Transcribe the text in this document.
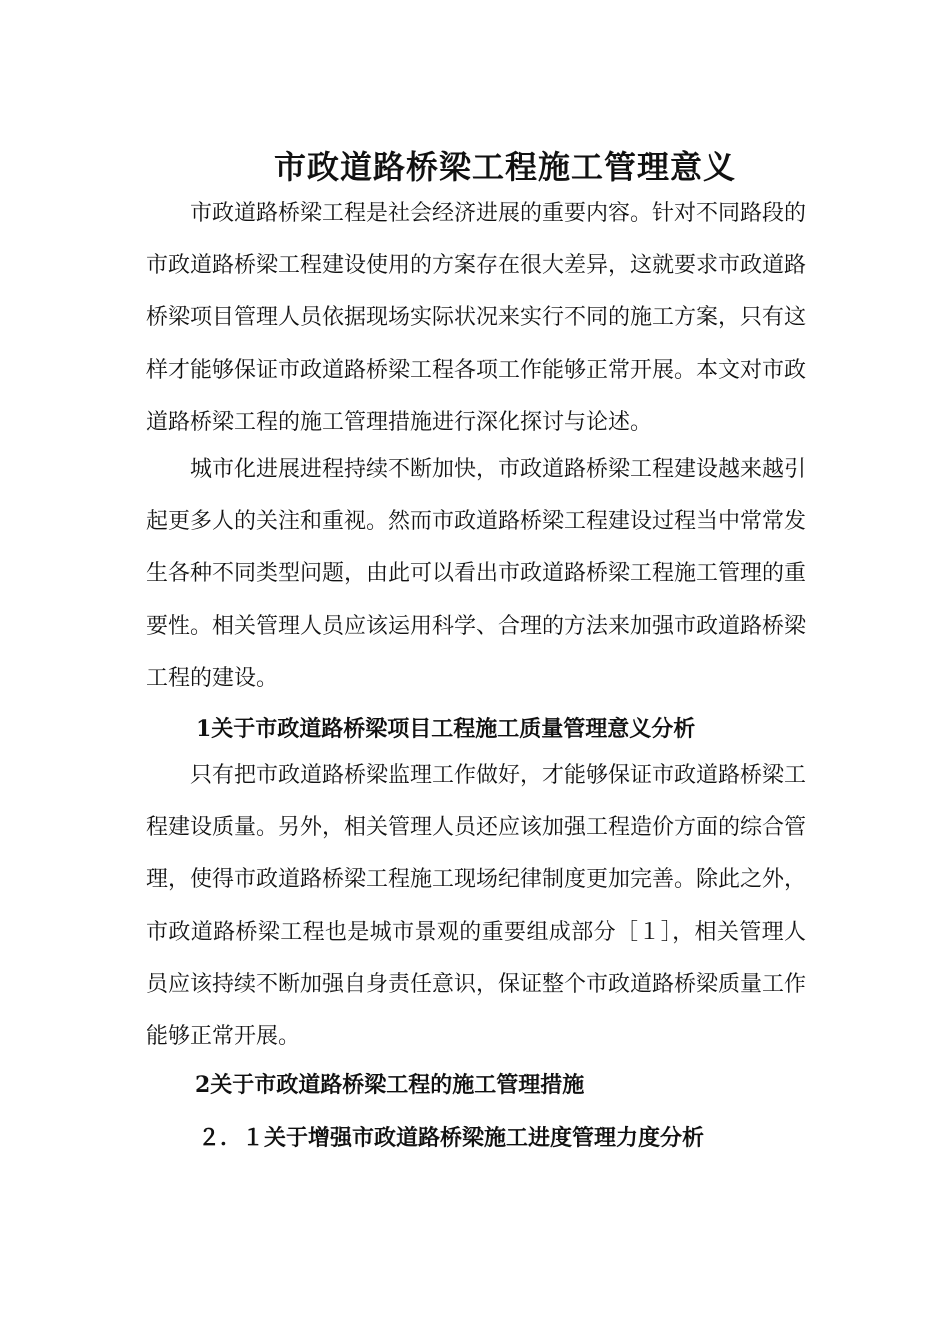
市政道路桥梁工程施工管理意义

市政道路桥梁工程是社会经济进展的重要内容。针对不同路段的市政道路桥梁工程建设使用的方案存在很大差异，这就要求市政道路桥梁项目管理人员依据现场实际状况来实行不同的施工方案，只有这样才能够保证市政道路桥梁工程各项工作能够正常开展。本文对市政道路桥梁工程的施工管理措施进行深化探讨与论述。

城市化进展进程持续不断加快，市政道路桥梁工程建设越来越引起更多人的关注和重视。然而市政道路桥梁工程建设过程当中常常发生各种不同类型问题，由此可以看出市政道路桥梁工程施工管理的重要性。相关管理人员应该运用科学、合理的方法来加强市政道路桥梁工程的建设。

1关于市政道路桥梁项目工程施工质量管理意义分析

只有把市政道路桥梁监理工作做好，才能够保证市政道路桥梁工程建设质量。另外，相关管理人员还应该加强工程造价方面的综合管理，使得市政道路桥梁工程施工现场纪律制度更加完善。除此之外，市政道路桥梁工程也是城市景观的重要组成部分［１］，相关管理人员应该持续不断加强自身责任意识，保证整个市政道路桥梁质量工作能够正常开展。

2关于市政道路桥梁工程的施工管理措施
２．１关于增强市政道路桥梁施工进度管理力度分析
